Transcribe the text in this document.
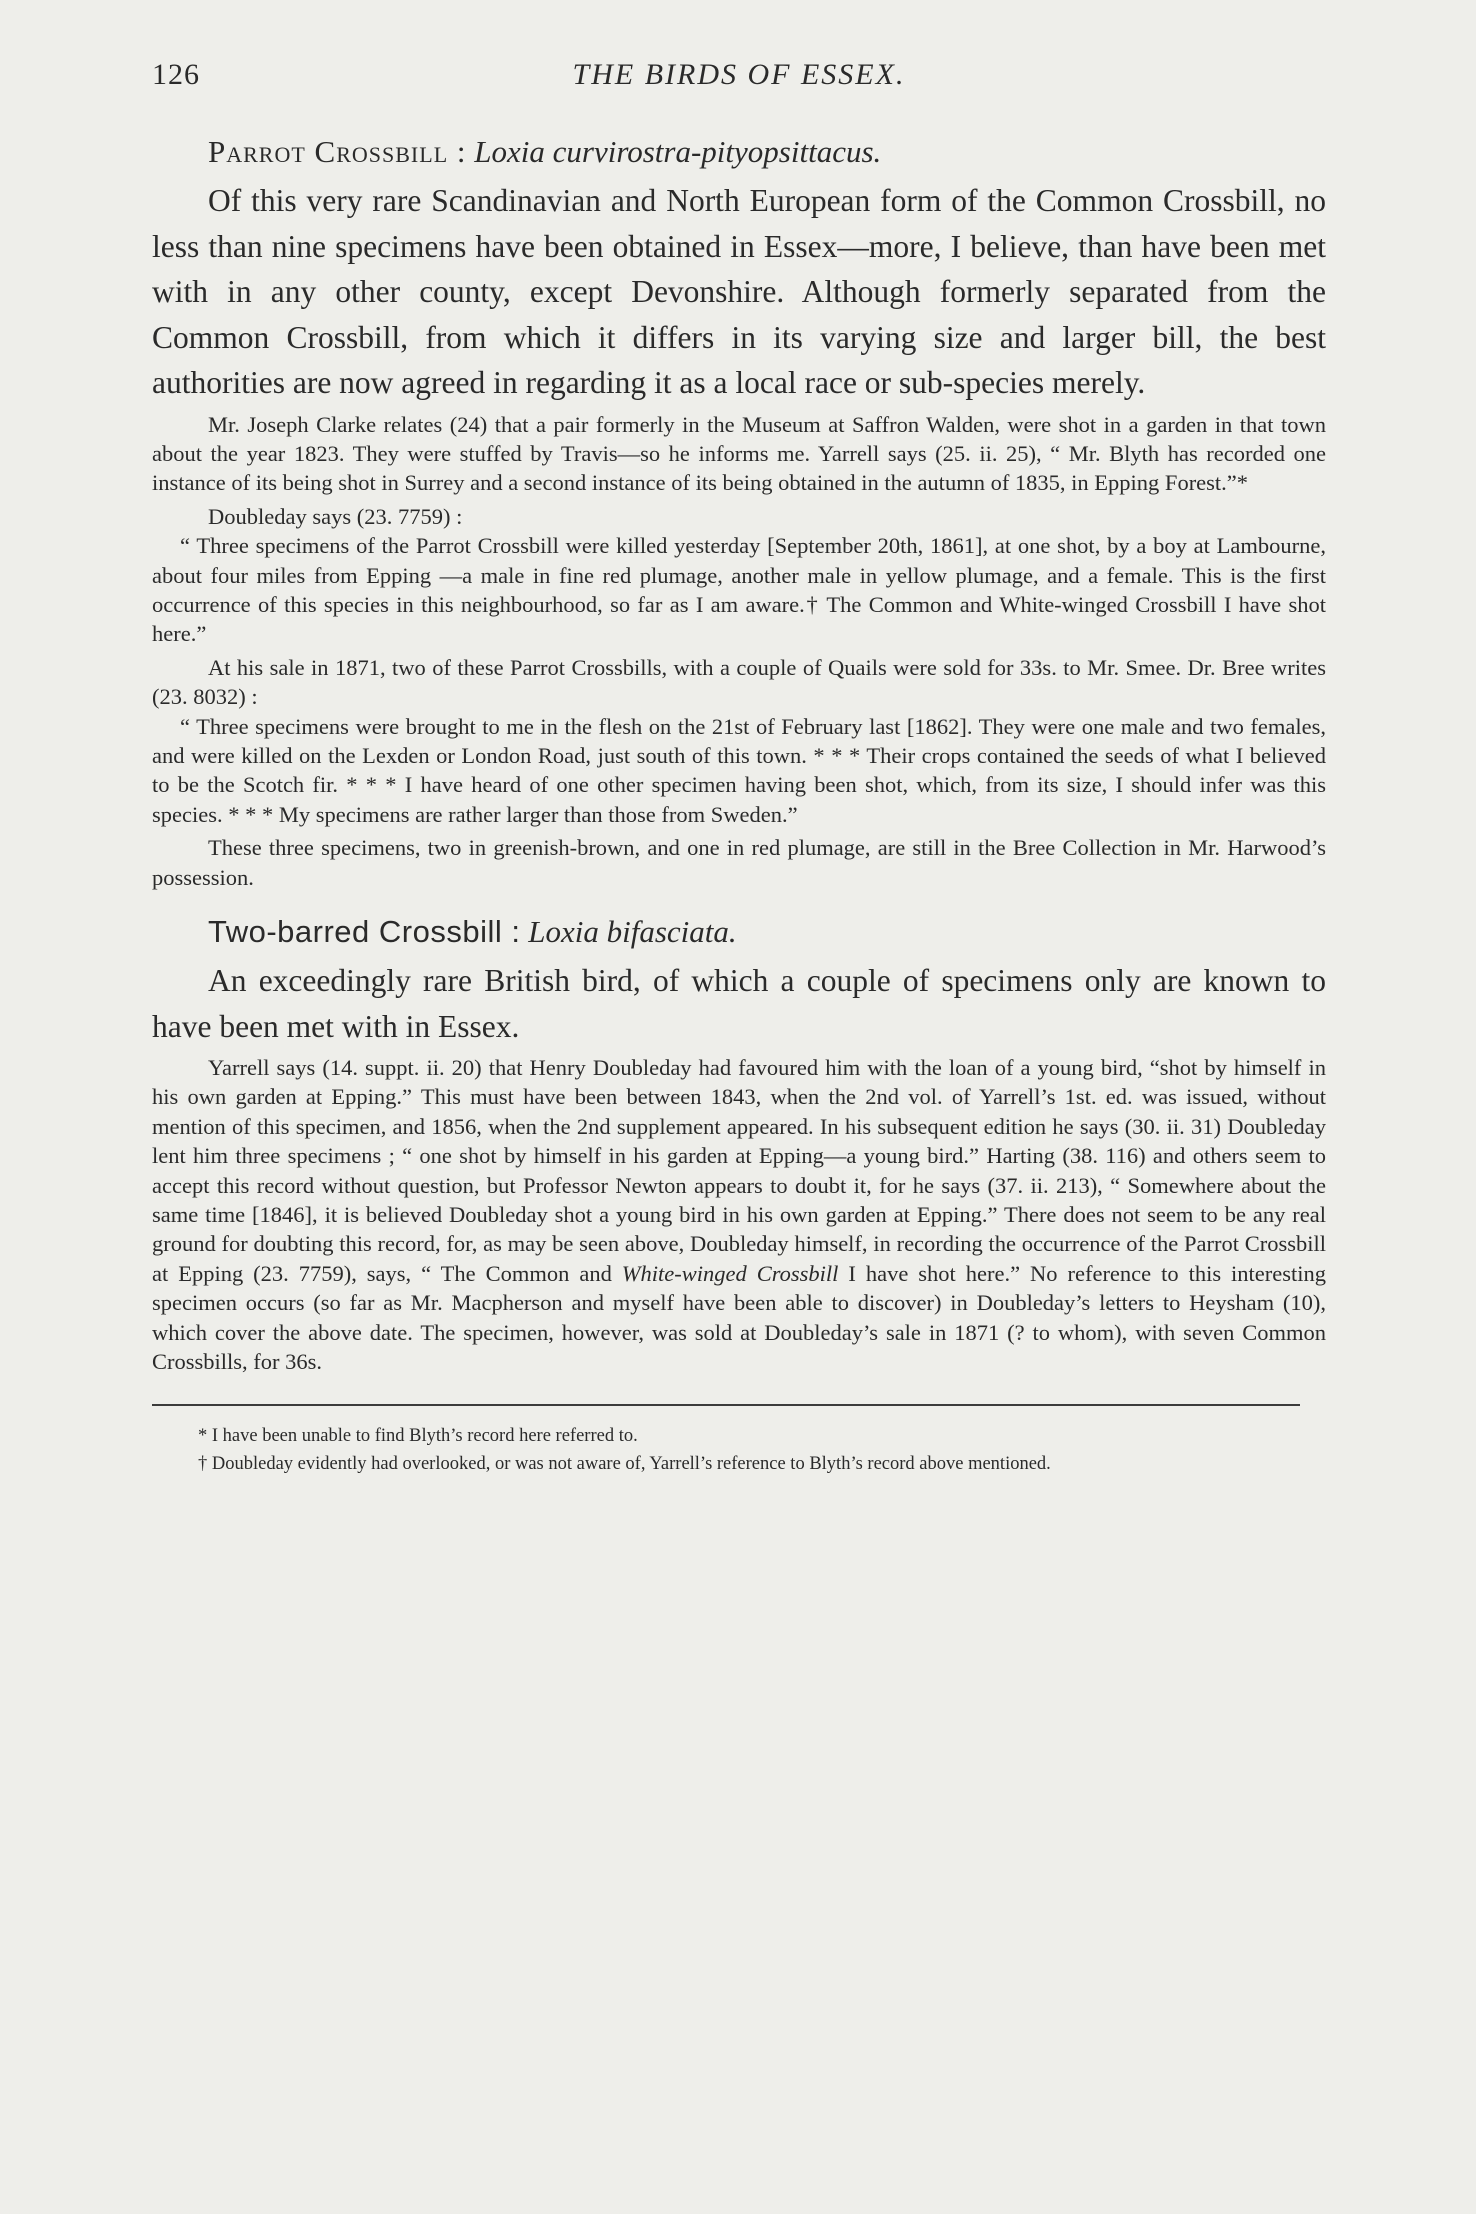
126	THE BIRDS OF ESSEX.
Parrot Crossbill : Loxia curvirostra-pityopsittacus.

Of this very rare Scandinavian and North European form of the Common Crossbill, no less than nine specimens have been obtained in Essex—more, I believe, than have been met with in any other county, except Devonshire. Although formerly separated from the Common Crossbill, from which it differs in its varying size and larger bill, the best authorities are now agreed in regarding it as a local race or sub-species merely.

Mr. Joseph Clarke relates (24) that a pair formerly in the Museum at Saffron Walden, were shot in a garden in that town about the year 1823. They were stuffed by Travis—so he informs me. Yarrell says (25. ii. 25), “ Mr. Blyth has recorded one instance of its being shot in Surrey and a second instance of its being obtained in the autumn of 1835, in Epping Forest.”*

Doubleday says (23. 7759) :

“ Three specimens of the Parrot Crossbill were killed yesterday [September 20th, 1861], at one shot, by a boy at Lambourne, about four miles from Epping —a male in fine red plumage, another male in yellow plumage, and a female. This is the first occurrence of this species in this neighbourhood, so far as I am aware.† The Common and White-winged Crossbill I have shot here.”

At his sale in 1871, two of these Parrot Crossbills, with a couple of Quails were sold for 33s. to Mr. Smee. Dr. Bree writes (23. 8032) :

“ Three specimens were brought to me in the flesh on the 21st of February last [1862]. They were one male and two females, and were killed on the Lexden or London Road, just south of this town. * * * Their crops contained the seeds of what I believed to be the Scotch fir. * * * I have heard of one other specimen having been shot, which, from its size, I should infer was this species. * * * My specimens are rather larger than those from Sweden.”

These three specimens, two in greenish-brown, and one in red plumage, are still in the Bree Collection in Mr. Harwood’s possession.

Two-barred Crossbill : Loxia bifasciata.

An exceedingly rare British bird, of which a couple of specimens only are known to have been met with in Essex.

Yarrell says (14. suppt. ii. 20) that Henry Doubleday had favoured him with the loan of a young bird, “shot by himself in his own garden at Epping.” This must have been between 1843, when the 2nd vol. of Yarrell’s 1st. ed. was issued, without mention of this specimen, and 1856, when the 2nd supplement appeared. In his subsequent edition he says (30. ii. 31) Doubleday lent him three specimens ; “ one shot by himself in his garden at Epping—a young bird.” Harting (38. 116) and others seem to accept this record without question, but Professor Newton appears to doubt it, for he says (37. ii. 213), “ Somewhere about the same time [1846], it is believed Doubleday shot a young bird in his own garden at Epping.” There does not seem to be any real ground for doubting this record, for, as may be seen above, Doubleday himself, in recording the occurrence of the Parrot Crossbill at Epping (23. 7759), says, “ The Common and White-winged Crossbill I have shot here.” No reference to this interesting specimen occurs (so far as Mr. Macpherson and myself have been able to discover) in Doubleday’s letters to Heysham (10), which cover the above date. The specimen, however, was sold at Doubleday’s sale in 1871 (? to whom), with seven Common Crossbills, for 36s.

* I have been unable to find Blyth’s record here referred to.

† Doubleday evidently had overlooked, or was not aware of, Yarrell’s reference to Blyth’s record above mentioned.
